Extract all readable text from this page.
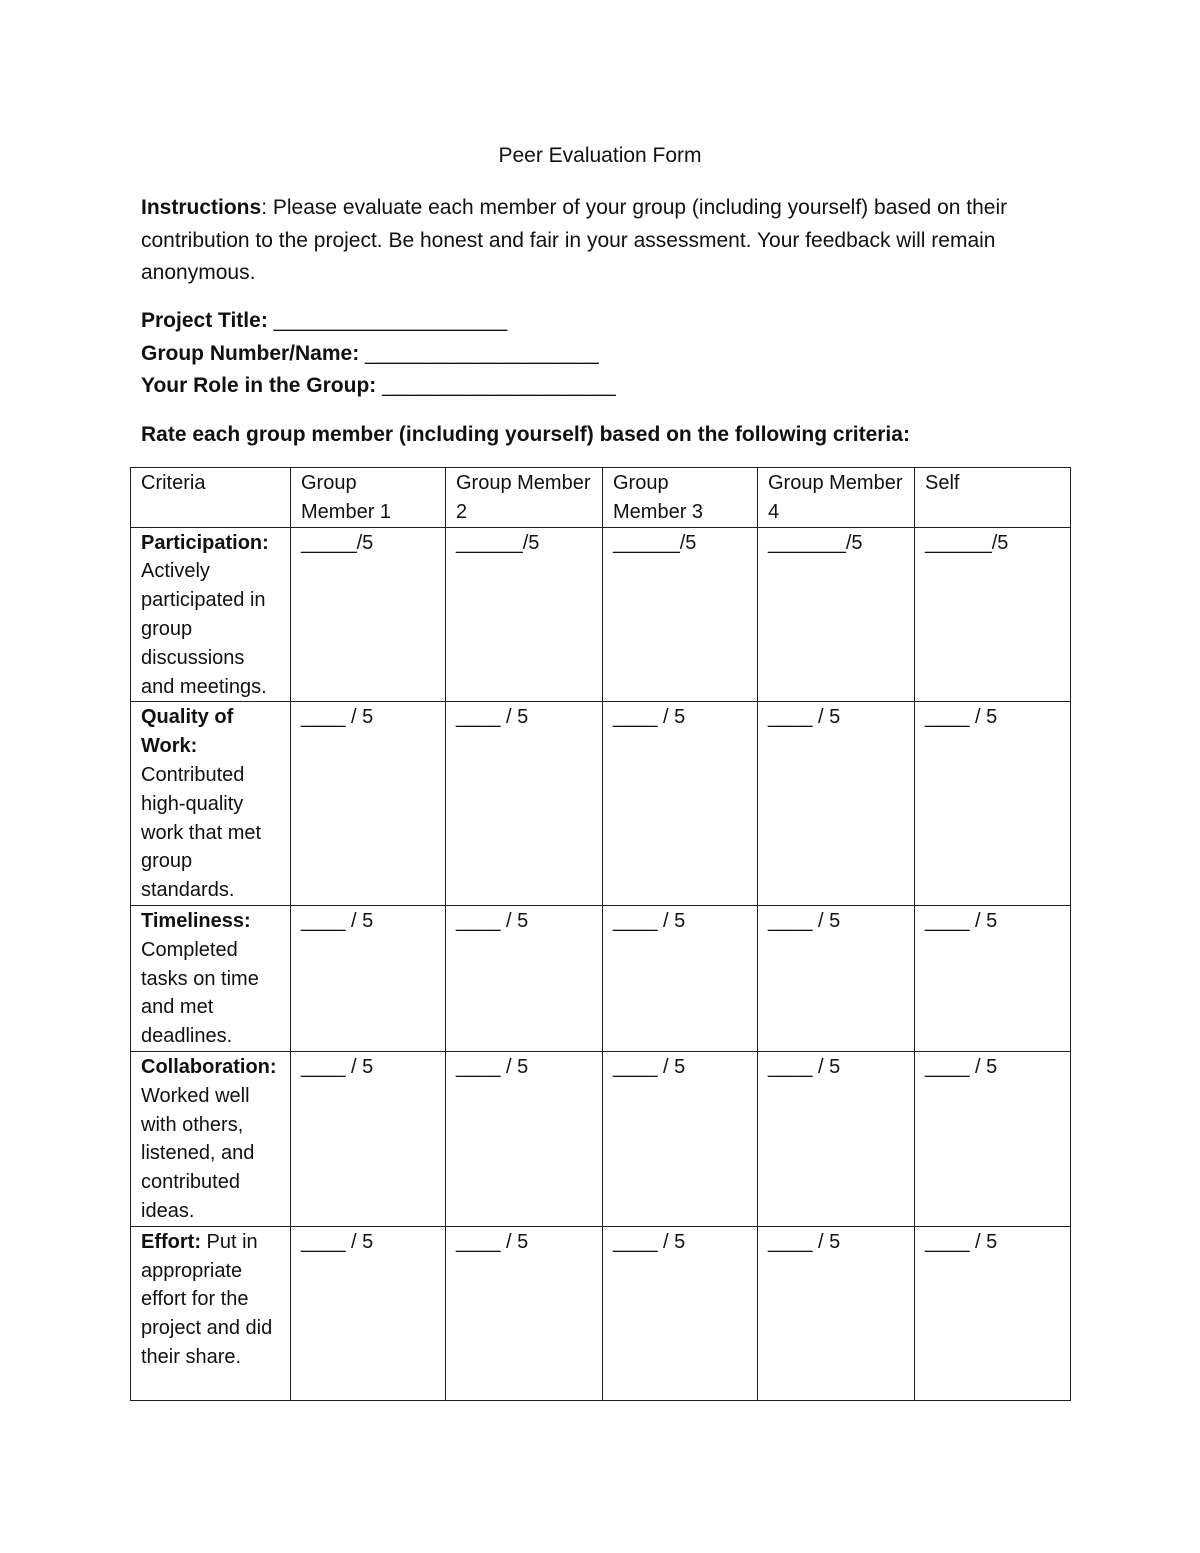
Peer Evaluation Form
Instructions: Please evaluate each member of your group (including yourself) based on their contribution to the project. Be honest and fair in your assessment. Your feedback will remain anonymous.
Project Title: ____________________
Group Number/Name: ____________________
Your Role in the Group: ____________________
Rate each group member (including yourself) based on the following criteria:
Criteria	Group Member 1	Group Member 2	Group Member 3	Group Member 4	Self
Participation: Actively participated in group discussions and meetings.	_____/5	______/5	______/5	_______/5	______/5
Quality of Work: Contributed high-quality work that met group standards.	____ / 5	____ / 5	____ / 5	____ / 5	____ / 5
Timeliness: Completed tasks on time and met deadlines.	____ / 5	____ / 5	____ / 5	____ / 5	____ / 5
Collaboration: Worked well with others, listened, and contributed ideas.	____ / 5	____ / 5	____ / 5	____ / 5	____ / 5
Effort: Put in appropriate effort for the project and did their share.	____ / 5	____ / 5	____ / 5	____ / 5	____ / 5
